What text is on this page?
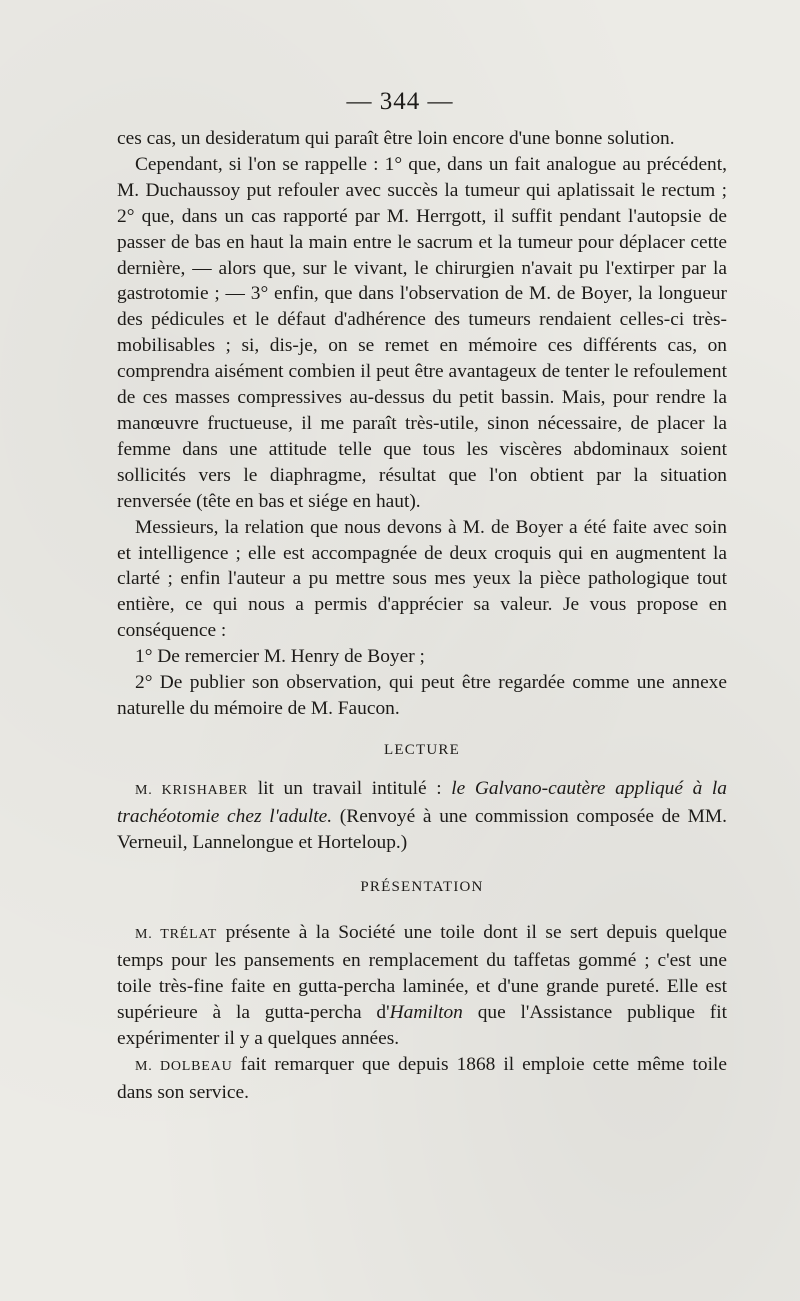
— 344 —

ces cas, un desideratum qui paraît être loin encore d'une bonne solution.

Cependant, si l'on se rappelle : 1° que, dans un fait analogue au précédent, M. Duchaussoy put refouler avec succès la tumeur qui aplatissait le rectum ; 2° que, dans un cas rapporté par M. Herrgott, il suffit pendant l'autopsie de passer de bas en haut la main entre le sacrum et la tumeur pour déplacer cette dernière, — alors que, sur le vivant, le chirurgien n'avait pu l'extirper par la gastrotomie ; — 3° enfin, que dans l'observation de M. de Boyer, la longueur des pédicules et le défaut d'adhérence des tumeurs rendaient celles-ci très-mobilisables ; si, dis-je, on se remet en mémoire ces différents cas, on comprendra aisément combien il peut être avantageux de tenter le refoulement de ces masses compressives au-dessus du petit bassin. Mais, pour rendre la manœuvre fructueuse, il me paraît très-utile, sinon nécessaire, de placer la femme dans une attitude telle que tous les viscères abdominaux soient sollicités vers le diaphragme, résultat que l'on obtient par la situation renversée (tête en bas et siége en haut).

Messieurs, la relation que nous devons à M. de Boyer a été faite avec soin et intelligence ; elle est accompagnée de deux croquis qui en augmentent la clarté ; enfin l'auteur a pu mettre sous mes yeux la pièce pathologique tout entière, ce qui nous a permis d'apprécier sa valeur. Je vous propose en conséquence :

1° De remercier M. Henry de Boyer ;

2° De publier son observation, qui peut être regardée comme une annexe naturelle du mémoire de M. Faucon.

LECTURE

M. KRISHABER lit un travail intitulé : le Galvano-cautère appliqué à la trachéotomie chez l'adulte. (Renvoyé à une commission composée de MM. Verneuil, Lannelongue et Horteloup.)

PRÉSENTATION

M. TRÉLAT présente à la Société une toile dont il se sert depuis quelque temps pour les pansements en remplacement du taffetas gommé ; c'est une toile très-fine faite en gutta-percha laminée, et d'une grande pureté. Elle est supérieure à la gutta-percha d'Hamilton que l'Assistance publique fit expérimenter il y a quelques années.

M. DOLBEAU fait remarquer que depuis 1868 il emploie cette même toile dans son service.
